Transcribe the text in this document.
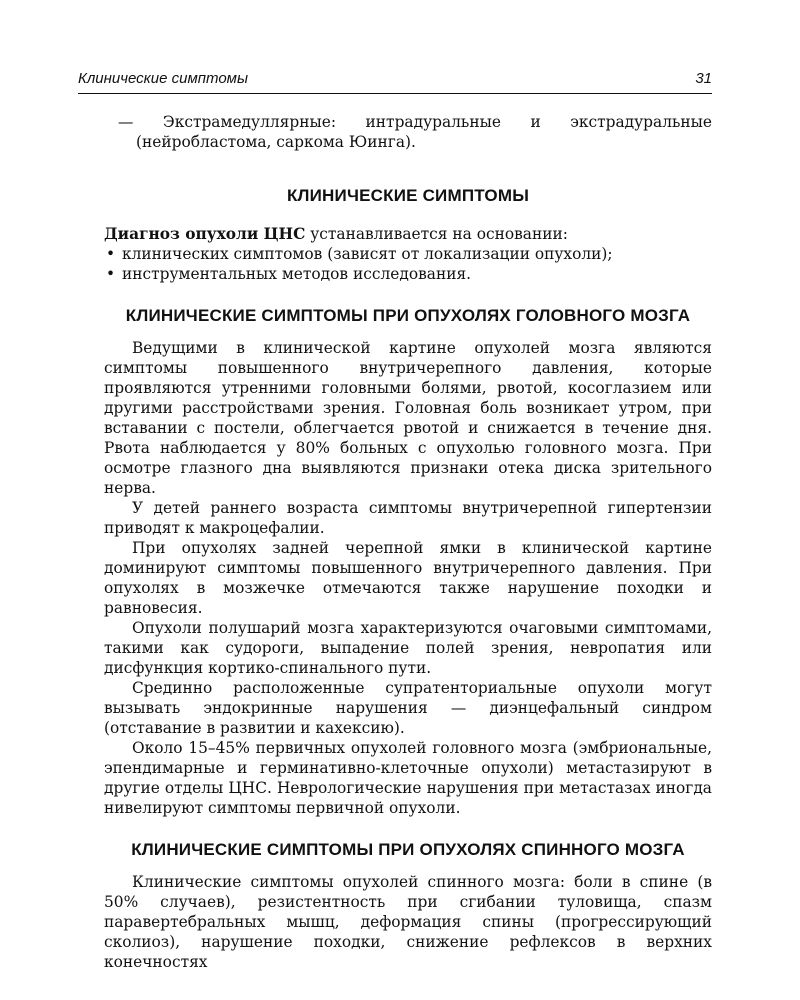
Клинические симптомы	31

— Экстрамедуллярные: интрадуральные и экстрадуральные (нейробластома, саркома Юинга).

КЛИНИЧЕСКИЕ СИМПТОМЫ

Диагноз опухоли ЦНС устанавливается на основании:

• клинических симптомов (зависят от локализации опухоли);
• инструментальных методов исследования.
КЛИНИЧЕСКИЕ СИМПТОМЫ ПРИ ОПУХОЛЯХ ГОЛОВНОГО МОЗГА

Ведущими в клинической картине опухолей мозга являются симптомы повышенного внутричерепного давления, которые проявляются утренними головными болями, рвотой, косоглазием или другими расстройствами зрения. Головная боль возникает утром, при вставании с постели, облегчается рвотой и снижается в течение дня. Рвота наблюдается у 80% больных с опухолью головного мозга. При осмотре глазного дна выявляются признаки отека диска зрительного нерва.

У детей раннего возраста симптомы внутричерепной гипертензии приводят к макроцефалии.

При опухолях задней черепной ямки в клинической картине доминируют симптомы повышенного внутричерепного давления. При опухолях в мозжечке отмечаются также нарушение походки и равновесия.

Опухоли полушарий мозга характеризуются очаговыми симптомами, такими как судороги, выпадение полей зрения, невропатия или дисфункция кортико-спинального пути.

Срединно расположенные супратенториальные опухоли могут вызывать эндокринные нарушения — диэнцефальный синдром (отставание в развитии и кахексию).

Около 15–45% первичных опухолей головного мозга (эмбриональные, эпендимарные и герминативно-клеточные опухоли) метастазируют в другие отделы ЦНС. Неврологические нарушения при метастазах иногда нивелируют симптомы первичной опухоли.

КЛИНИЧЕСКИЕ СИМПТОМЫ ПРИ ОПУХОЛЯХ СПИННОГО МОЗГА

Клинические симптомы опухолей спинного мозга: боли в спине (в 50% случаев), резистентность при сгибании туловища, спазм паравертебральных мышц, деформация спины (прогрессирующий сколиоз), нарушение походки, снижение рефлексов в верхних конечностях
